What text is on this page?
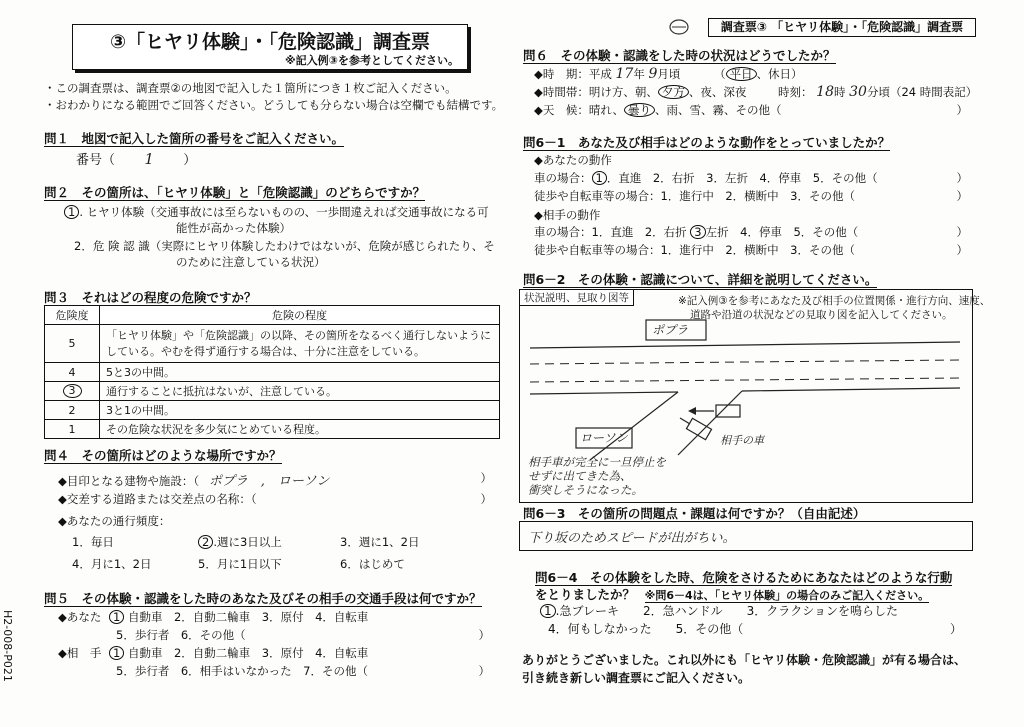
③「ヒヤリ体験」・「危険認識」調査票
※記入例③を参考としてください。
・この調査票は、調査票②の地図で記入した１箇所につき１枚ご記入ください。
・おわかりになる範囲でご回答ください。どうしても分らない場合は空欄でも結構です。
問１　地図で記入した箇所の番号をご記入ください。
番号（ 1 ）
問２　その箇所は、「ヒヤリ体験」と「危険認識」のどちらですか？
1 . ヒヤリ体験（交通事故には至らないものの、一歩間違えれば交通事故になる可
能性が高かった体験）
2．危 険 認 識（実際にヒヤリ体験したわけではないが、危険が感じられたり、そ
のために注意している状況）
問３　それはどの程度の危険ですか？
危険度	危険の程度
5	「ヒヤリ体験」や「危険認識」の以降、その箇所をなるべく通行しないようにしている。やむを得ず通行する場合は、十分に注意をしている。
4	5と3の中間。
3	通行することに抵抗はないが、注意している。
2	3と1の中間。
1	その危険な状況を多少気にとめている程度。
問４　その箇所はどのような場所ですか？
◆目印となる建物や施設：（ ポプラ　,　ローソン	）
◆交差する道路または交差点の名称：（	）
◆あなたの通行頻度：
1．毎日	2 .週に3日以上	3．週に1、2日
4．月に1、2日	5．月に1日以下	6．はじめて
問５　その体験・認識をした時のあなた及びその相手の交通手段は何ですか？
◆あなた 1 自動車　2．自動二輪車　3．原付　4．自転車
5．歩行者　6．その他（	）
◆相　手 1 自動車　2．自動二輪車　3．原付　4．自転車
5．歩行者　6．相手はいなかった　7．その他（	）
H2-008-P021
調査票③ 「ヒヤリ体験」・「危険認識」調査票
問６　その体験・認識をした時の状況はどうでしたか？
◆時　期：平成 17年 9月頃	（ 平日 、休日）
◆時間帯：明け方、朝、 夕方 、夜、深夜	時刻： 18時 30分頃（24 時間表記）
◆天　候：晴れ、 曇り 、雨、雪、霧、その他（	）
問6－1　あなた及び相手はどのような動作をとっていましたか？
◆あなたの動作
車の場合： 1 ．直進　2．右折　3．左折　4．停車　5．その他（	）
徒歩や自転車等の場合：1．進行中　2．横断中　3．その他（	）
◆相手の動作
車の場合：1．直進　2．右折 3 左折　4．停車　5．その他（	）
徒歩や自転車等の場合：1．進行中　2．横断中　3．その他（	）
問6－2　その体験・認識について、詳細を説明してください。
状況説明、見取り図等	※記入例③を参考にあなた及び相手の位置関係・進行方向、速度、
道路や沿道の状況などの見取り図を記入してください。
ポプラ
ローソン	相手の車
相手車が完全に一旦停止を
せずに出てきた為、
衝突しそうになった。
問6－3　その箇所の問題点・課題は何ですか？（自由記述）
下り坂のためスピードが出がちい。
問6－4　その体験をした時、危険をさけるためにあなたはどのような行動
をとりましたか？ ※問6－4は、「ヒヤリ体験」の場合のみご記入ください。
1 .急ブレーキ　　2．急ハンドル　　3．クラクションを鳴らした
4．何もしなかった　　5．その他（	）
ありがとうございました。これ以外にも「ヒヤリ体験・危険認識」が有る場合は、
引き続き新しい調査票にご記入ください。
